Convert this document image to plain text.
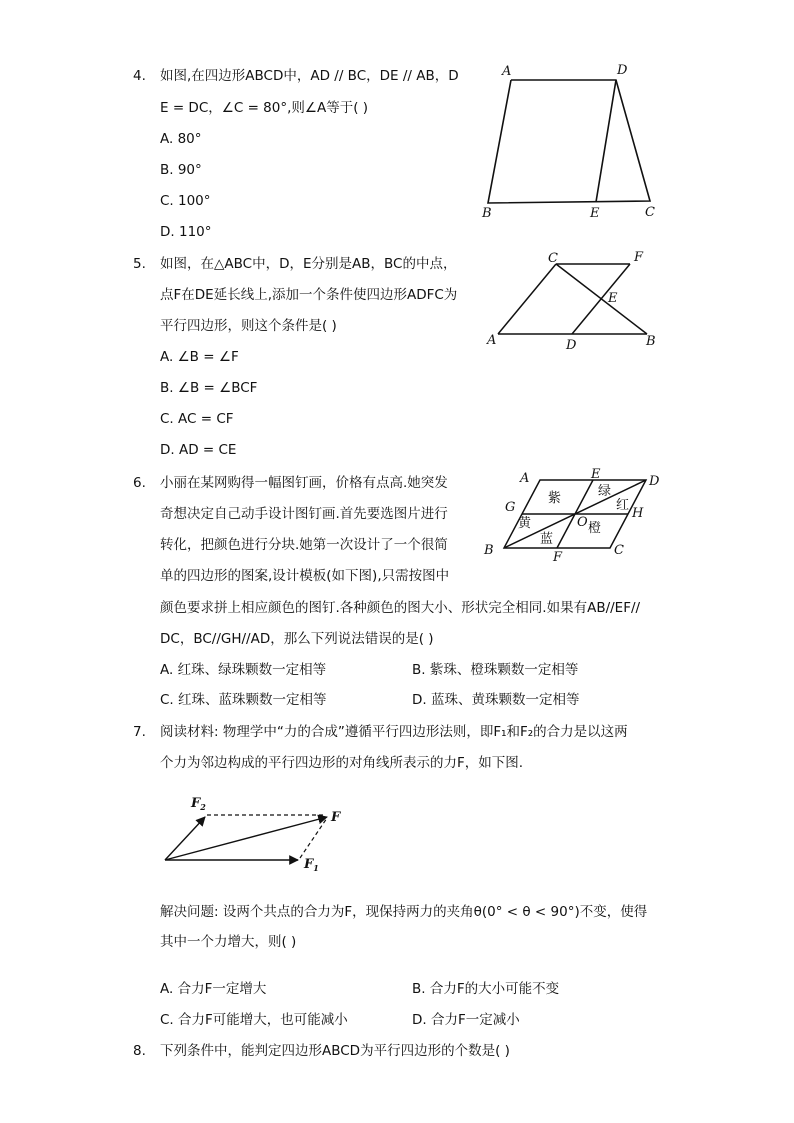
4. 如图,在四边形ABCD中，AD // BC，DE // AB，D
E = DC，∠C = 80°,则∠A等于( )
A. 80°
B. 90°
C. 100°
D. 110°
A	D
B	E	C
5. 如图，在△ABC中，D，E分别是AB，BC的中点，
点F在DE延长线上,添加一个条件使四边形ADFC为
平行四边形，则这个条件是( )
A. ∠B = ∠F
B. ∠B = ∠BCF
C. AC = CF
D. AD = CE
C	F
E
A	D	B
6. 小丽在某网购得一幅图钉画，价格有点高.她突发
奇想决定自己动手设计图钉画.首先要选图片进行
转化，把颜色进行分块.她第一次设计了一个很简
单的四边形的图案,设计模板(如下图),只需按图中
颜色要求拼上相应颜色的图钉.各种颜色的图大小、形状完全相同.如果有AB//EF//
DC，BC//GH//AD，那么下列说法错误的是( )
A. 红珠、绿珠颗数一定相等	B. 紫珠、橙珠颗数一定相等
C. 红珠、蓝珠颗数一定相等	D. 蓝珠、黄珠颗数一定相等
A	E	D
G	H
B	F	C
O
紫	绿
红
黄	橙
蓝
7. 阅读材料: 物理学中“力的合成”遵循平行四边形法则，即F₁和F₂的合力是以这两
个力为邻边构成的平行四边形的对角线所表示的力F，如下图.
$F_2$
F
$F_1$
解决问题: 设两个共点的合力为F，现保持两力的夹角θ(0° < θ < 90°)不变，使得
其中一个力增大，则( )
A. 合力F一定增大	B. 合力F的大小可能不变
C. 合力F可能增大，也可能减小	D. 合力F一定减小
8. 下列条件中，能判定四边形ABCD为平行四边形的个数是( )
